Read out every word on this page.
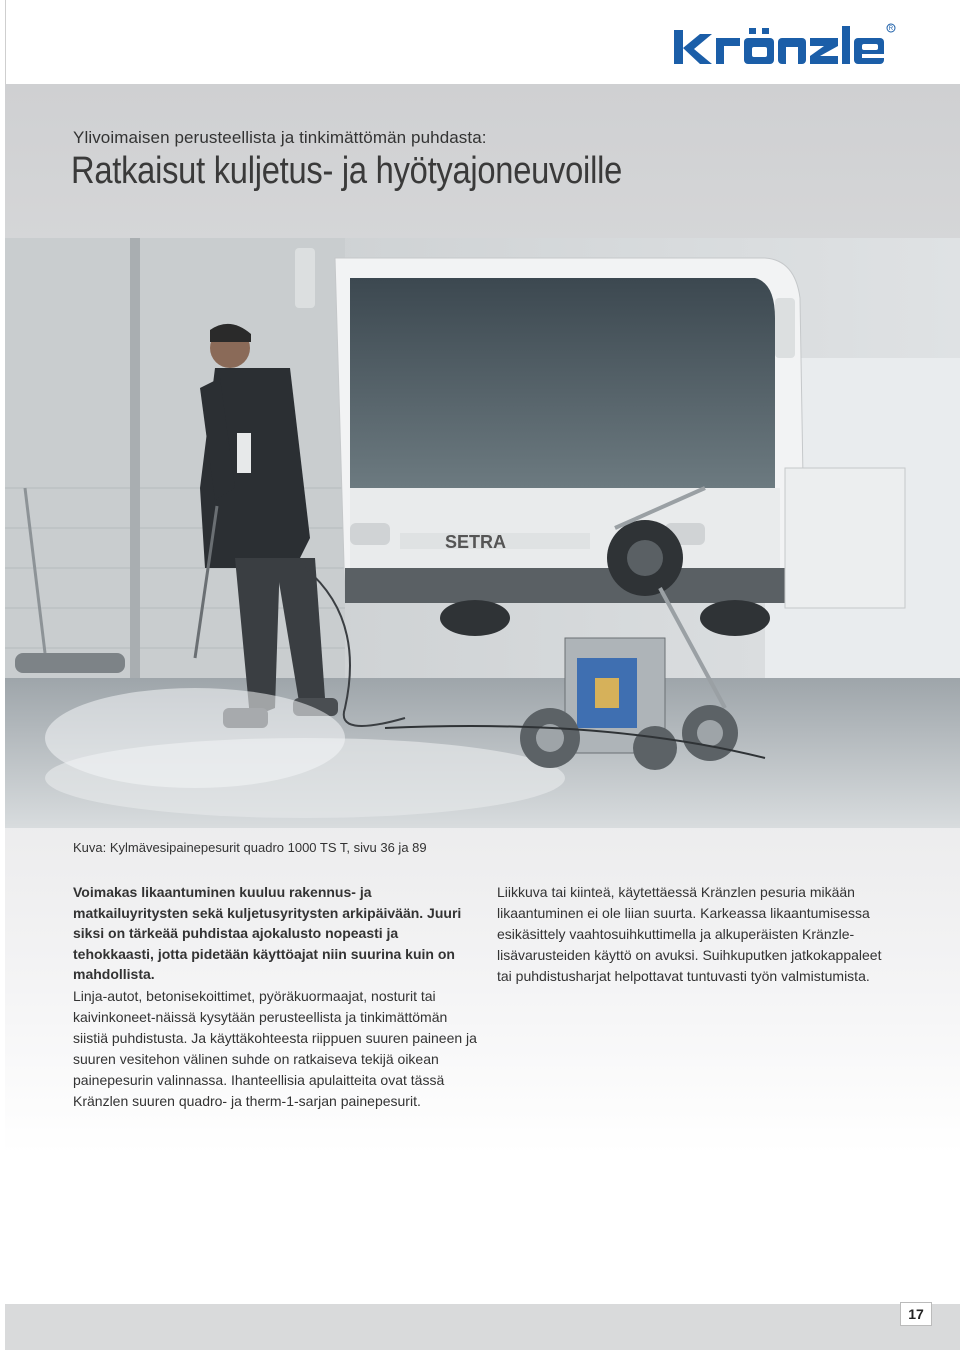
R
Ylivoimaisen perusteellista ja tinkimättömän puhdasta:
Ratkaisut kuljetus- ja hyötyajoneuvoille
SETRA
Kuva: Kylmävesipainepesurit quadro 1000 TS T, sivu 36 ja 89
Voimakas likaantuminen kuuluu rakennus- ja matkailuyritysten sekä kuljetusyritysten arkipäivään. Juuri siksi on tärkeää puhdistaa ajokalusto nopeasti ja tehokkaasti, jotta pidetään käyttöajat niin suurina kuin on mahdollista.
Linja-autot, betonisekoittimet, pyöräkuormaajat, nosturit tai kaivinkoneet-näissä kysytään perusteellista ja tinkimättömän siistiä puhdistusta. Ja käyttäkohteesta riippuen suuren paineen ja suuren vesitehon välinen suhde on ratkaiseva tekijä oikean painepesurin valinnassa. Ihanteellisia apulaitteita ovat tässä Kränzlen suuren quadro- ja therm-1-sarjan painepesurit.
Liikkuva tai kiinteä, käytettäessä Kränzlen pesuria mikään likaantuminen ei ole liian suurta. Karkeassa likaantumisessa esikäsittely vaahtosuihkuttimella ja alkuperäisten Kränzle-lisävarusteiden käyttö on avuksi. Suihkuputken jatkokappaleet tai puhdistusharjat helpottavat tuntuvasti työn valmistumista.
17
